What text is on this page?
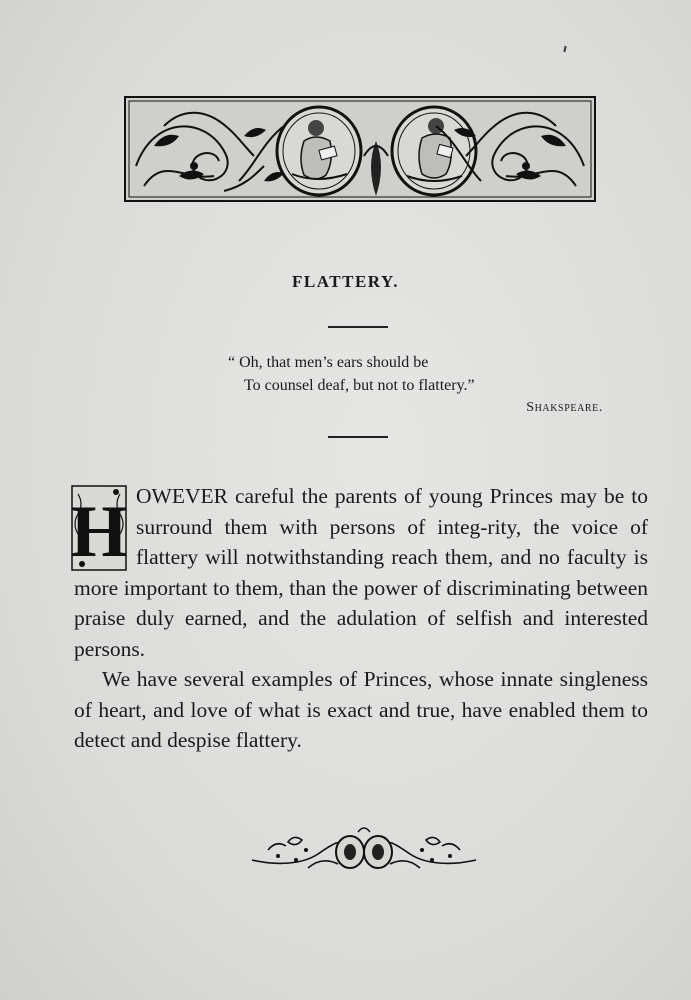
FLATTERY.
“ Oh, that men’s ears should be
To counsel deaf, but not to flattery.”
Shakspeare.

H OWEVER careful the parents of young Princes may be to surround them with persons of integ-rity, the voice of flattery will notwithstanding reach them, and no faculty is more important to them, than the power of discriminating between praise duly earned, and the adulation of selfish and interested persons.

We have several examples of Princes, whose innate singleness of heart, and love of what is exact and true, have enabled them to detect and despise flattery.
